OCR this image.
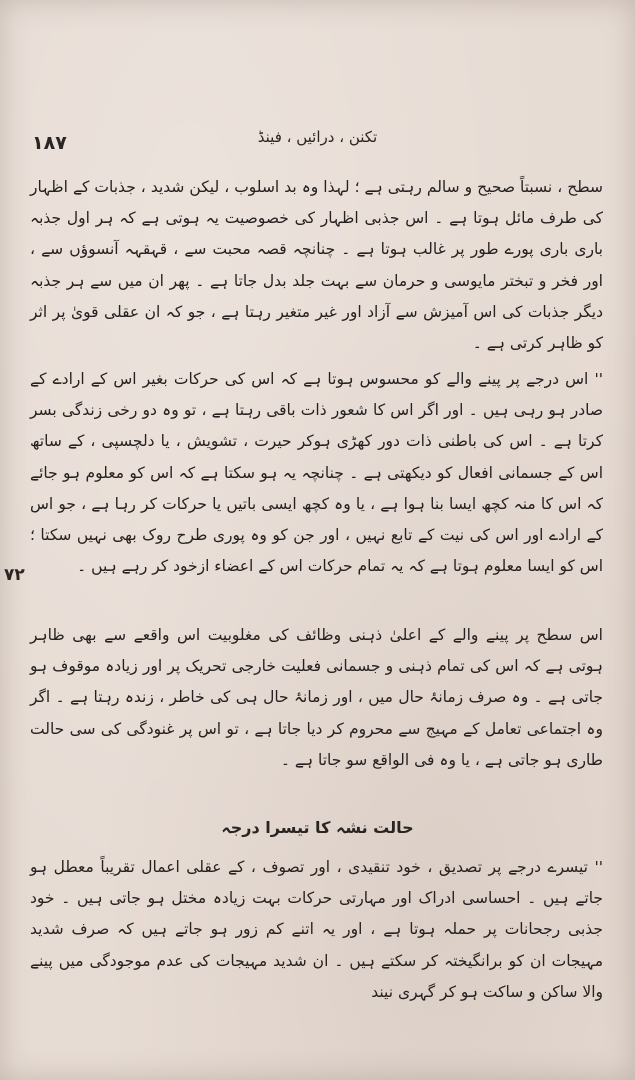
۱۸۷	تکنن ، درائیں ، فینڈ

سطح ، نسبتاً صحیح و سالم رہتی ہے ؛ لہذا وہ بد اسلوب ، لیکن شدید ، جذبات کے اظہار کی طرف مائل ہوتا ہے ۔ اس جذبی اظہار کی خصوصیت یہ ہوتی ہے کہ ہر اول جذبہ باری باری پورے طور پر غالب ہوتا ہے ۔ چنانچہ قصہ محبت سے ، قہقہہ آنسوؤں سے ، اور فخر و تبختر مایوسی و حرمان سے بہت جلد بدل جاتا ہے ۔ پھر ان میں سے ہر جذبہ دیگر جذبات کی اس آمیزش سے آزاد اور غیر متغیر رہتا ہے ، جو کہ ان عقلی قویٰ پر اثر کو ظاہر کرتی ہے ۔

'' اس درجے پر پینے والے کو محسوس ہوتا ہے کہ اس کی حرکات بغیر اس کے ارادے کے صادر ہو رہی ہیں ۔ اور اگر اس کا شعور ذات باقی رہتا ہے ، تو وہ دو رخی زندگی بسر کرتا ہے ۔ اس کی باطنی ذات دور کھڑی ہوکر حیرت ، تشویش ، یا دلچسپی ، کے ساتھ اس کے جسمانی افعال کو دیکھتی ہے ۔ چنانچہ یہ ہو سکتا ہے کہ اس کو معلوم ہو جائے کہ اس کا منہ کچھ ایسا بنا ہوا ہے ، یا وہ کچھ ایسی باتیں یا حرکات کر رہا ہے ، جو اس کے ارادے اور اس کی نیت کے تابع نہیں ، اور جن کو وہ پوری طرح روک بھی نہیں سکتا ؛ اس کو ایسا معلوم ہوتا ہے کہ یہ تمام حرکات اس کے اعضاء ازخود کر رہے ہیں ۔

۷۲

اس سطح پر پینے والے کے اعلیٰ ذہنی وظائف کی مغلوبیت اس واقعے سے بھی ظاہر ہوتی ہے کہ اس کی تمام ذہنی و جسمانی فعلیت خارجی تحریک پر اور زیادہ موقوف ہو جاتی ہے ۔ وہ صرف زمانۂ حال میں ، اور زمانۂ حال ہی کی خاطر ، زندہ رہتا ہے ۔ اگر وہ اجتماعی تعامل کے مہیج سے محروم کر دیا جاتا ہے ، تو اس پر غنودگی کی سی حالت طاری ہو جاتی ہے ، یا وہ فی الواقع سو جاتا ہے ۔

حالت نشہ کا تیسرا درجہ

'' تیسرے درجے پر تصدیق ، خود تنقیدی ، اور تصوف ، کے عقلی اعمال تقریباً معطل ہو جاتے ہیں ۔ احساسی ادراک اور مہارتی حرکات بہت زیادہ مختل ہو جاتی ہیں ۔ خود جذبی رجحانات پر حملہ ہوتا ہے ، اور یہ اتنے کم زور ہو جاتے ہیں کہ صرف شدید مہیجات ان کو برانگیختہ کر سکتے ہیں ۔ ان شدید مہیجات کی عدم موجودگی میں پینے والا ساکن و ساکت ہو کر گہری نیند
